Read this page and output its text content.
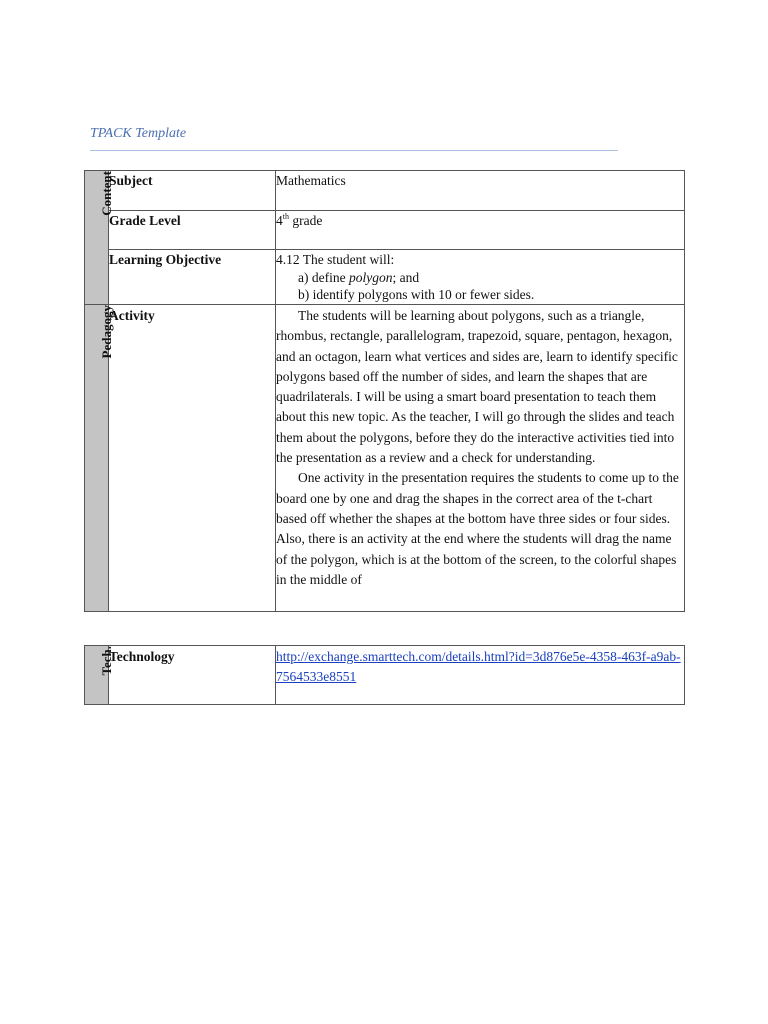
TPACK Template
Content	Subject	Mathematics
	Grade Level	4th grade
	Learning Objective	4.12 The student will:
a) define polygon; and
b) identify polygons with 10 or fewer sides.

Pedagogy	Activity	The students will be learning about polygons, such as a triangle, rhombus, rectangle, parallelogram, trapezoid, square, pentagon, hexagon, and an octagon, learn what vertices and sides are, learn to identify specific polygons based off the number of sides, and learn the shapes that are quadrilaterals. I will be using a smart board presentation to teach them about this new topic. As the teacher, I will go through the slides and teach them about the polygons, before they do the interactive activities tied into the presentation as a review and a check for understanding.

One activity in the presentation requires the students to come up to the board one by one and drag the shapes in the correct area of the t-chart based off whether the shapes at the bottom have three sides or four sides. Also, there is an activity at the end where the students will drag the name of the polygon, which is at the bottom of the screen, to the colorful shapes in the middle of

Tech.
	Technology	http://exchange.smarttech.com/details.html?id=3d876e5e-4358-463f-a9ab-7564533e8551
